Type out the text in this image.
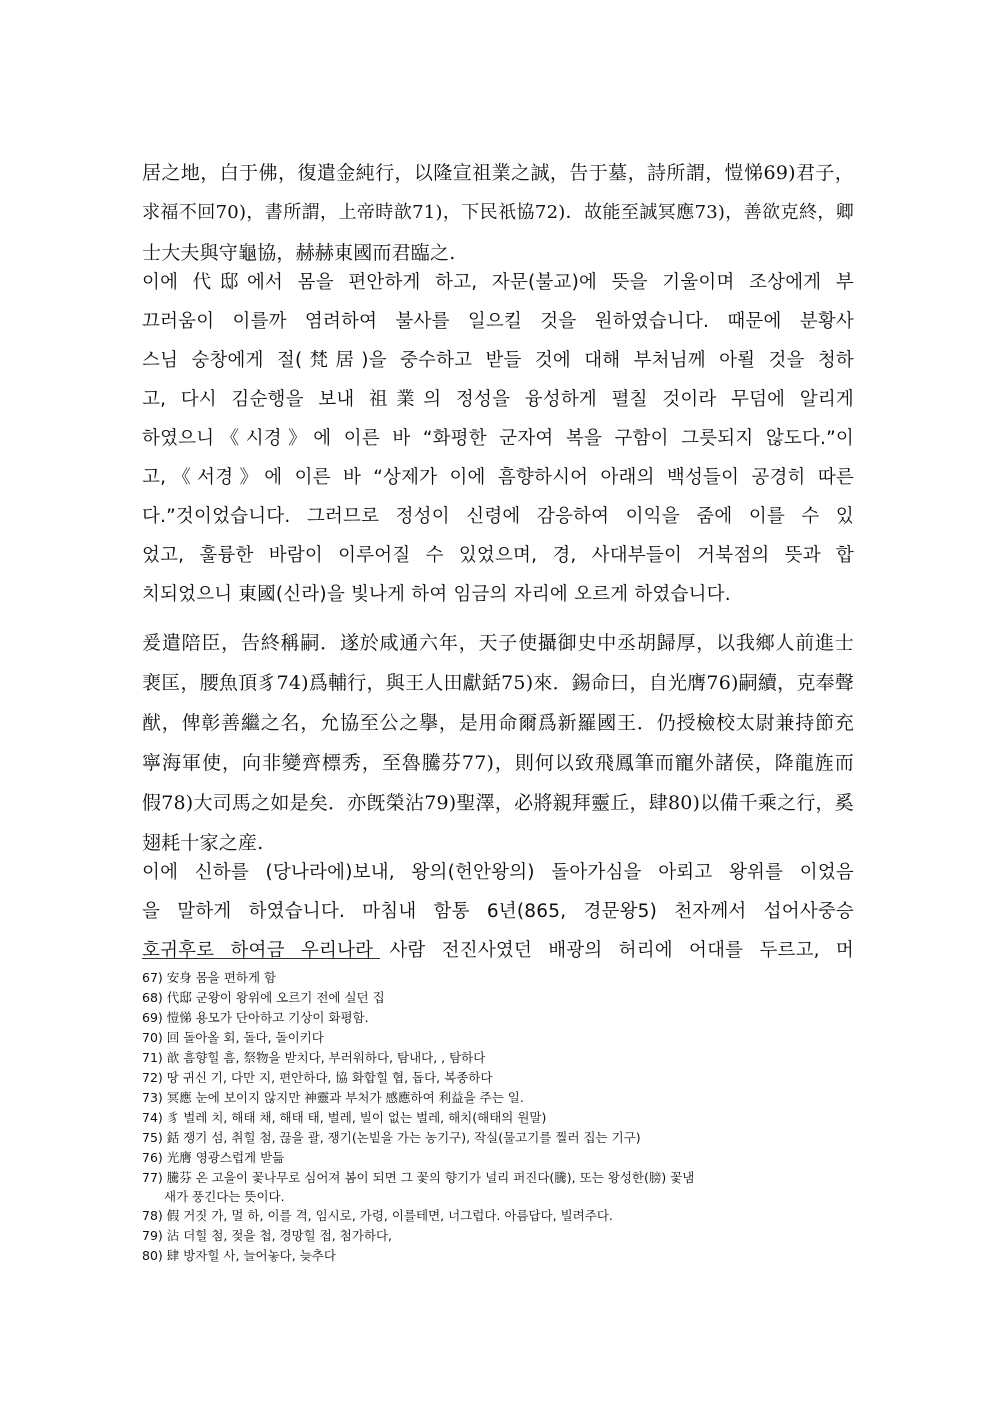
居之地，白于佛，復遣金純行，以隆宣祖業之誠，告于墓，詩所謂，愷悌69)君子，
求福不回70)，書所謂，上帝時歆71)，下民祇協72)．故能至誠冥應73)，善欲克終，卿
士大夫與守龜協，赫赫東國而君臨之.
이에 代邸에서 몸을 편안하게 하고, 자문(불교)에 뜻을 기울이며 조상에게 부
끄러움이 이를까 염려하여 불사를 일으킬 것을 원하였습니다. 때문에 분황사
스님 숭창에게 절(梵居)을 중수하고 받들 것에 대해 부처님께 아뢸 것을 청하
고, 다시 김순행을 보내 祖業의 정성을 융성하게 펼칠 것이라 무덤에 알리게
하였으니《시경》에 이른 바 “화평한 군자여 복을 구함이 그릇되지 않도다.”이
고,《서경》에 이른 바 “상제가 이에 흠향하시어 아래의 백성들이 공경히 따른
다.”것이었습니다. 그러므로 정성이 신령에 감응하여 이익을 줌에 이를 수 있
었고, 훌륭한 바람이 이루어질 수 있었으며, 경, 사대부들이 거북점의 뜻과 합
치되었으니 東國(신라)을 빛나게 하여 임금의 자리에 오르게 하였습니다.
爰遣陪臣，告終稱嗣．遂於咸通六年，天子使攝御史中丞胡歸厚，以我鄉人前進士
裵匡，腰魚頂豸74)爲輔行，與王人田獻銛75)來．錫命曰，自光膺76)嗣續，克奉聲
猷，俾彰善繼之名，允協至公之擧，是用命爾爲新羅國王．仍授檢校太尉兼持節充
寧海軍使，向非變齊標秀，至魯騰芬77)，則何以致飛鳳筆而寵外諸侯，降龍旌而
假78)大司馬之如是矣．亦旣榮沾79)聖澤，必將親拜靈丘，肆80)以備千乘之行，奚
翅耗十家之産.
이에 신하를 (당나라에)보내, 왕의(헌안왕의) 돌아가심을 아뢰고 왕위를 이었음
을 말하게 하였습니다. 마침내 함통 6년(865, 경문왕5) 천자께서 섭어사중승
호귀후로 하여금 우리나라 사람 전진사였던 배광의 허리에 어대를 두르고, 머
67) 安身 몸을 편하게 함
68) 代邸 군왕이 왕위에 오르기 전에 실던 집
69) 愷悌 용모가 단아하고 기상이 화평함.
70) 回 돌아올 회, 돌다, 돌이키다
71) 歆 흠향힐 흠, 祭物을 받치다, 부러워하다, 탐내다, , 탐하다
72) 땅 귀신 기, 다만 지, 편안하다, 協 화합힐 협, 돕다, 복종하다
73) 冥應 눈에 보이지 않지만 神靈과 부처가 感應하여 利益을 주는 일.
74) 豸 벌레 치, 해태 채, 해태 태, 벌레, 빌이 없는 벌레, 해치(해태의 원말)
75) 銛 쟁기 섬, 취힐 첨, 끊을 괄, 쟁기(논빝을 가는 농기구), 작실(물고기를 찔러 집는 기구)
76) 光膺 영광스럽게 받듦
77) 騰芬 온 고을이 꽃나무로 심어져 봄이 되면 그 꽃의 향기가 널리 퍼진다(騰), 또는 왕성한(膀) 꽃냄
새가 풍긴다는 뜻이다.
78) 假 거짓 가, 멀 하, 이를 격, 임시로, 가령, 이를테면, 너그럽다. 아름답다, 빌려주다.
79) 沾 더힐 첨, 젖을 첩, 경망힐 접, 첨가하다,
80) 肆 방자힐 사, 늘어놓다, 늦추다
